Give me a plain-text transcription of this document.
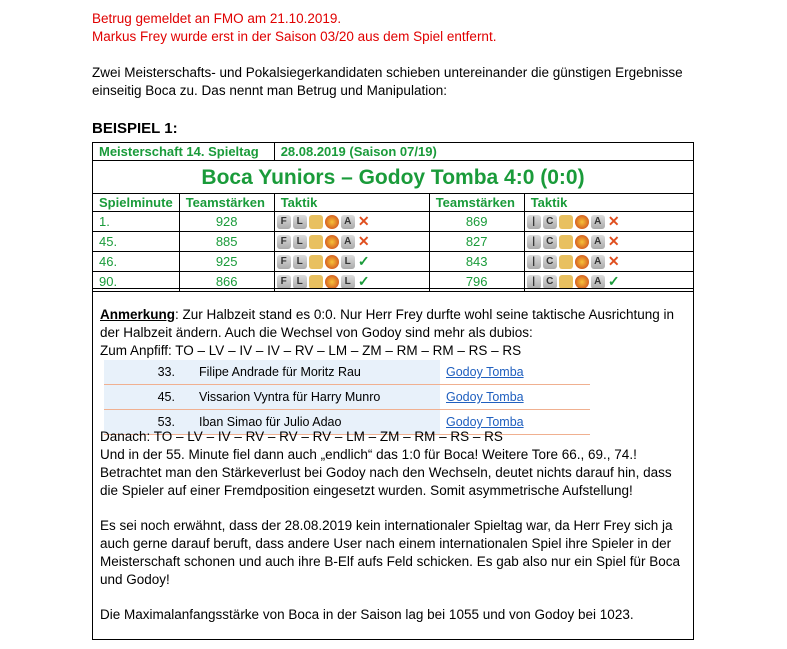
Betrug gemeldet an FMO am 21.10.2019.
Markus Frey wurde erst in der Saison 03/20 aus dem Spiel entfernt.
Zwei Meisterschafts- und Pokalsiegerkandidaten schieben untereinander die günstigen Ergebnisse
einseitig Boca zu. Das nennt man Betrug und Manipulation:
BEISPIEL 1:
Meisterschaft 14. Spieltag		28.08.2019 (Saison 07/19)		
Boca Yuniors – Godoy Tomba 4:0 (0:0)				
Spielminute	Teamstärken	Taktik	Teamstärken	Taktik
1.	928	F L A ✕	869	| C A ✕

45.	885	F L A ✕	827	| C A ✕

46.	925	F L L ✓	843	| C A ✕

90.	866	F L L ✓	796	| C A ✓
Anmerkung: Zur Halbzeit stand es 0:0. Nur Herr Frey durfte wohl seine taktische Ausrichtung in
der Halbzeit ändern. Auch die Wechsel von Godoy sind mehr als dubios:
Zum Anpfiff: TO – LV – IV – IV – RV – LM – ZM – RM – RM – RS – RS
33.	Filipe Andrade für Moritz Rau	Godoy Tomba
45.	Vissarion Vyntra für Harry Munro	Godoy Tomba
53.	Iban Simao für Julio Adao	Godoy Tomba
Danach: TO – LV – IV – RV – RV – RV – LM – ZM – RM – RS – RS
Und in der 55. Minute fiel dann auch „endlich“ das 1:0 für Boca! Weitere Tore 66., 69., 74.!
Betrachtet man den Stärkeverlust bei Godoy nach den Wechseln, deutet nichts darauf hin, dass
die Spieler auf einer Fremdposition eingesetzt wurden. Somit asymmetrische Aufstellung!
Es sei noch erwähnt, dass der 28.08.2019 kein internationaler Spieltag war, da Herr Frey sich ja
auch gerne darauf beruft, dass andere User nach einem internationalen Spiel ihre Spieler in der
Meisterschaft schonen und auch ihre B-Elf aufs Feld schicken. Es gab also nur ein Spiel für Boca
und Godoy!
Die Maximalanfangsstärke von Boca in der Saison lag bei 1055 und von Godoy bei 1023.
